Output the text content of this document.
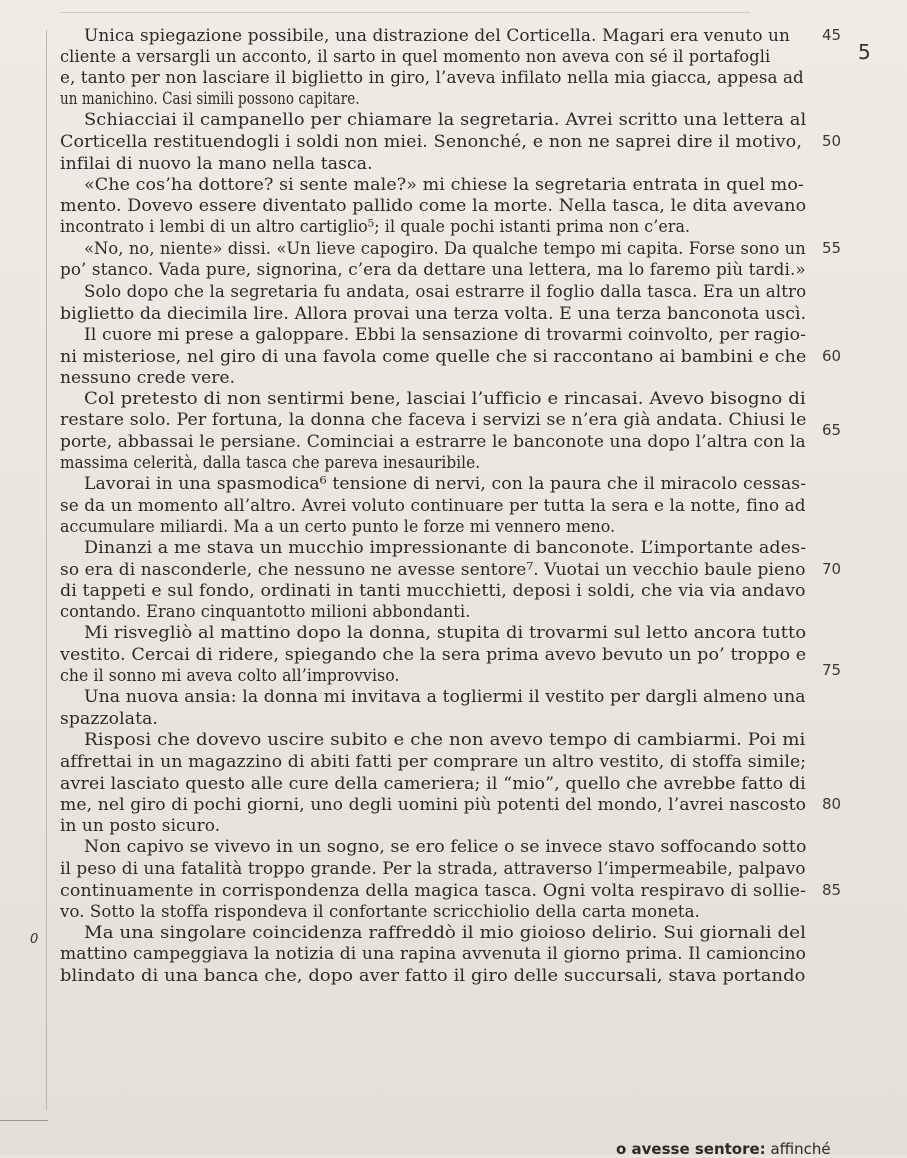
Unica spiegazione possibile, una distrazione del Corticella. Magari era venuto un 45
cliente a versargli un acconto, il sarto in quel momento non aveva con sé il portafogli
e, tanto per non lasciare il biglietto in giro, l’aveva infilato nella mia giacca, appesa ad
un manichino. Casi simili possono capitare.
Schiacciai il campanello per chiamare la segretaria. Avrei scritto una lettera al
Corticella restituendogli i soldi non miei. Senonché, e non ne saprei dire il motivo, 50
infilai di nuovo la mano nella tasca.
«Che cos’ha dottore? si sente male?» mi chiese la segretaria entrata in quel mo-
mento. Dovevo essere diventato pallido come la morte. Nella tasca, le dita avevano
incontrato i lembi di un altro cartiglio⁵; il quale pochi istanti prima non c’era.
«No, no, niente» dissi. «Un lieve capogiro. Da qualche tempo mi capita. Forse sono un 55
po’ stanco. Vada pure, signorina, c’era da dettare una lettera, ma lo faremo più tardi.»
Solo dopo che la segretaria fu andata, osai estrarre il foglio dalla tasca. Era un altro
biglietto da diecimila lire. Allora provai una terza volta. E una terza banconota uscì.
Il cuore mi prese a galoppare. Ebbi la sensazione di trovarmi coinvolto, per ragio-
ni misteriose, nel giro di una favola come quelle che si raccontano ai bambini e che 60
nessuno crede vere.
Col pretesto di non sentirmi bene, lasciai l’ufficio e rincasai. Avevo bisogno di
restare solo. Per fortuna, la donna che faceva i servizi se n’era già andata. Chiusi le
porte, abbassai le persiane. Cominciai a estrarre le banconote una dopo l’altra con la
65
massima celerità, dalla tasca che pareva inesauribile.
Lavorai in una spasmodica⁶ tensione di nervi, con la paura che il miracolo cessas-
se da un momento all’altro. Avrei voluto continuare per tutta la sera e la notte, fino ad
accumulare miliardi. Ma a un certo punto le forze mi vennero meno.
Dinanzi a me stava un mucchio impressionante di banconote. L’importante ades-
so era di nasconderle, che nessuno ne avesse sentore⁷. Vuotai un vecchio baule pieno 70
di tappeti e sul fondo, ordinati in tanti mucchietti, deposi i soldi, che via via andavo
contando. Erano cinquantotto milioni abbondanti.
Mi risvegliò al mattino dopo la donna, stupita di trovarmi sul letto ancora tutto
vestito. Cercai di ridere, spiegando che la sera prima avevo bevuto un po’ troppo e
75
che il sonno mi aveva colto all’improvviso.
Una nuova ansia: la donna mi invitava a togliermi il vestito per dargli almeno una
spazzolata.
Risposi che dovevo uscire subito e che non avevo tempo di cambiarmi. Poi mi
affrettai in un magazzino di abiti fatti per comprare un altro vestito, di stoffa simile;
80
avrei lasciato questo alle cure della cameriera; il “mio”, quello che avrebbe fatto di
me, nel giro di pochi giorni, uno degli uomini più potenti del mondo, l’avrei nascosto
in un posto sicuro.
Non capivo se vivevo in un sogno, se ero felice o se invece stavo soffocando sotto
il peso di una fatalità troppo grande. Per la strada, attraverso l’impermeabile, palpavo
85
continuamente in corrispondenza della magica tasca. Ogni volta respiravo di sollie-
vo. Sotto la stoffa rispondeva il confortante scricchiolio della carta moneta.
Ma una singolare coincidenza raffreddò il mio gioioso delirio. Sui giornali del
mattino campeggiava la notizia di una rapina avvenuta il giorno prima. Il camioncino
blindato di una banca che, dopo aver fatto il giro delle succursali, stava portando
5
0
o avesse sentore: affinché
